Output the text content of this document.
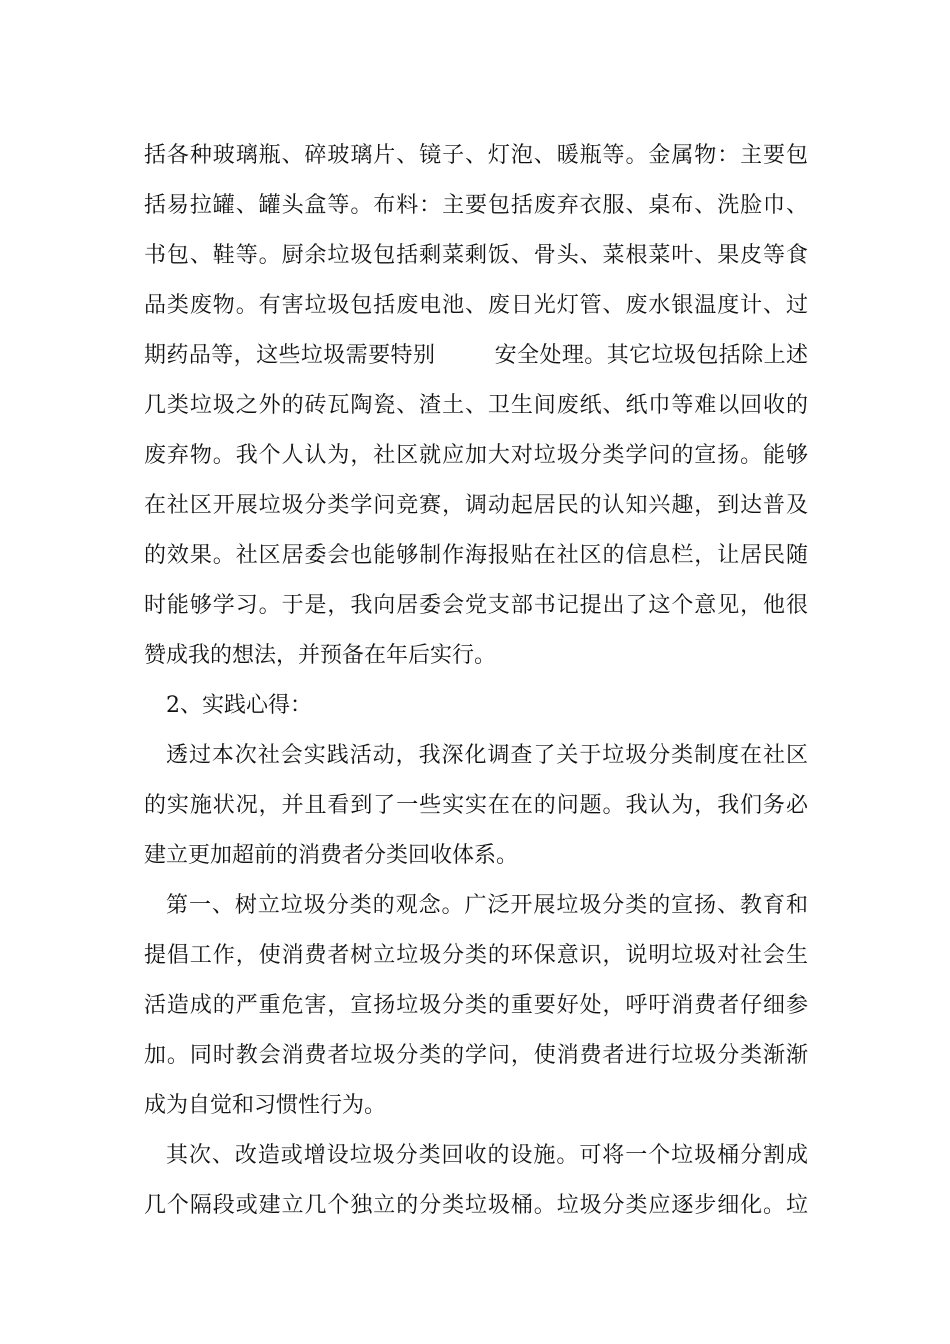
括各种玻璃瓶、碎玻璃片、镜子、灯泡、暖瓶等。金属物：主要包
括易拉罐、罐头盒等。布料：主要包括废弃衣服、桌布、洗脸巾、
书包、鞋等。厨余垃圾包括剩菜剩饭、骨头、菜根菜叶、果皮等食
品类废物。有害垃圾包括废电池、废日光灯管、废水银温度计、过
期药品等，这些垃圾需要特别        安全处理。其它垃圾包括除上述
几类垃圾之外的砖瓦陶瓷、渣土、卫生间废纸、纸巾等难以回收的
废弃物。我个人认为，社区就应加大对垃圾分类学问的宣扬。能够
在社区开展垃圾分类学问竞赛，调动起居民的认知兴趣，到达普及
的效果。社区居委会也能够制作海报贴在社区的信息栏，让居民随
时能够学习。于是，我向居委会党支部书记提出了这个意见，他很
赞成我的想法，并预备在年后实行。
2、实践心得：
透过本次社会实践活动，我深化调查了关于垃圾分类制度在社区
的实施状况，并且看到了一些实实在在的问题。我认为，我们务必
建立更加超前的消费者分类回收体系。
第一、树立垃圾分类的观念。广泛开展垃圾分类的宣扬、教育和
提倡工作，使消费者树立垃圾分类的环保意识，说明垃圾对社会生
活造成的严重危害，宣扬垃圾分类的重要好处，呼吁消费者仔细参
加。同时教会消费者垃圾分类的学问，使消费者进行垃圾分类渐渐
成为自觉和习惯性行为。
其次、改造或增设垃圾分类回收的设施。可将一个垃圾桶分割成
几个隔段或建立几个独立的分类垃圾桶。垃圾分类应逐步细化。垃
